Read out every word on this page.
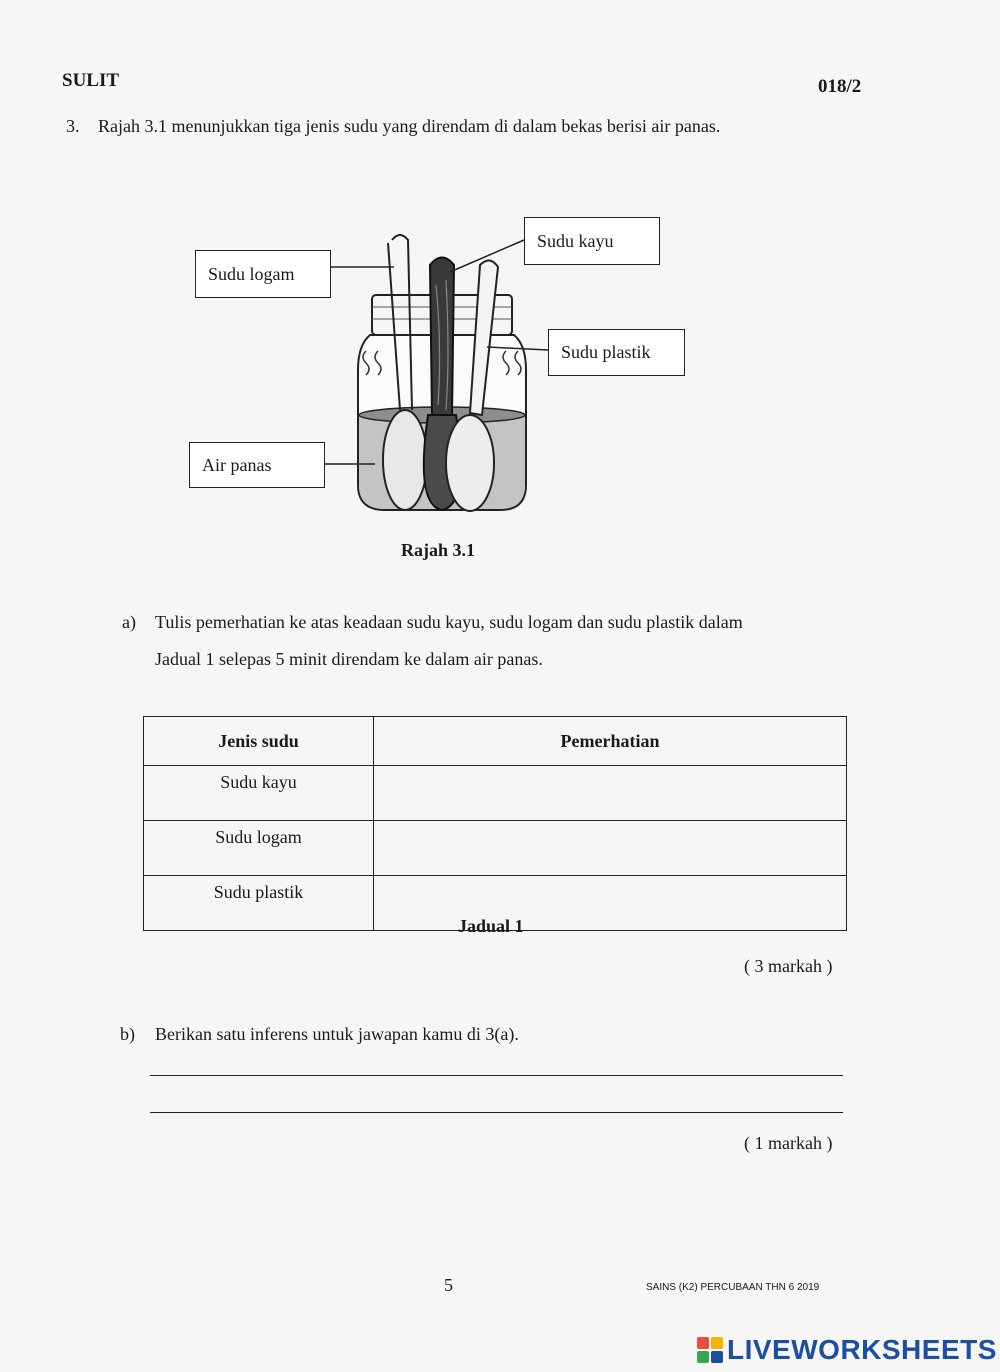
SULIT	018/2
3. Rajah 3.1 menunjukkan tiga jenis sudu yang direndam di dalam bekas berisi air panas.
Sudu logam
Sudu kayu
Sudu plastik
Air panas
Rajah 3.1
a) Tulis pemerhatian ke atas keadaan sudu kayu, sudu logam dan sudu plastik dalam
Jadual 1 selepas 5 minit direndam ke dalam air panas.
Jenis sudu	Pemerhatian
Sudu kayu	
Sudu logam	
Sudu plastik	
Jadual 1
( 3 markah )
b) Berikan satu inferens untuk jawapan kamu di 3(a).
( 1 markah )
5	SAINS (K2) PERCUBAAN THN 6 2019
LIVEWORKSHEETS
